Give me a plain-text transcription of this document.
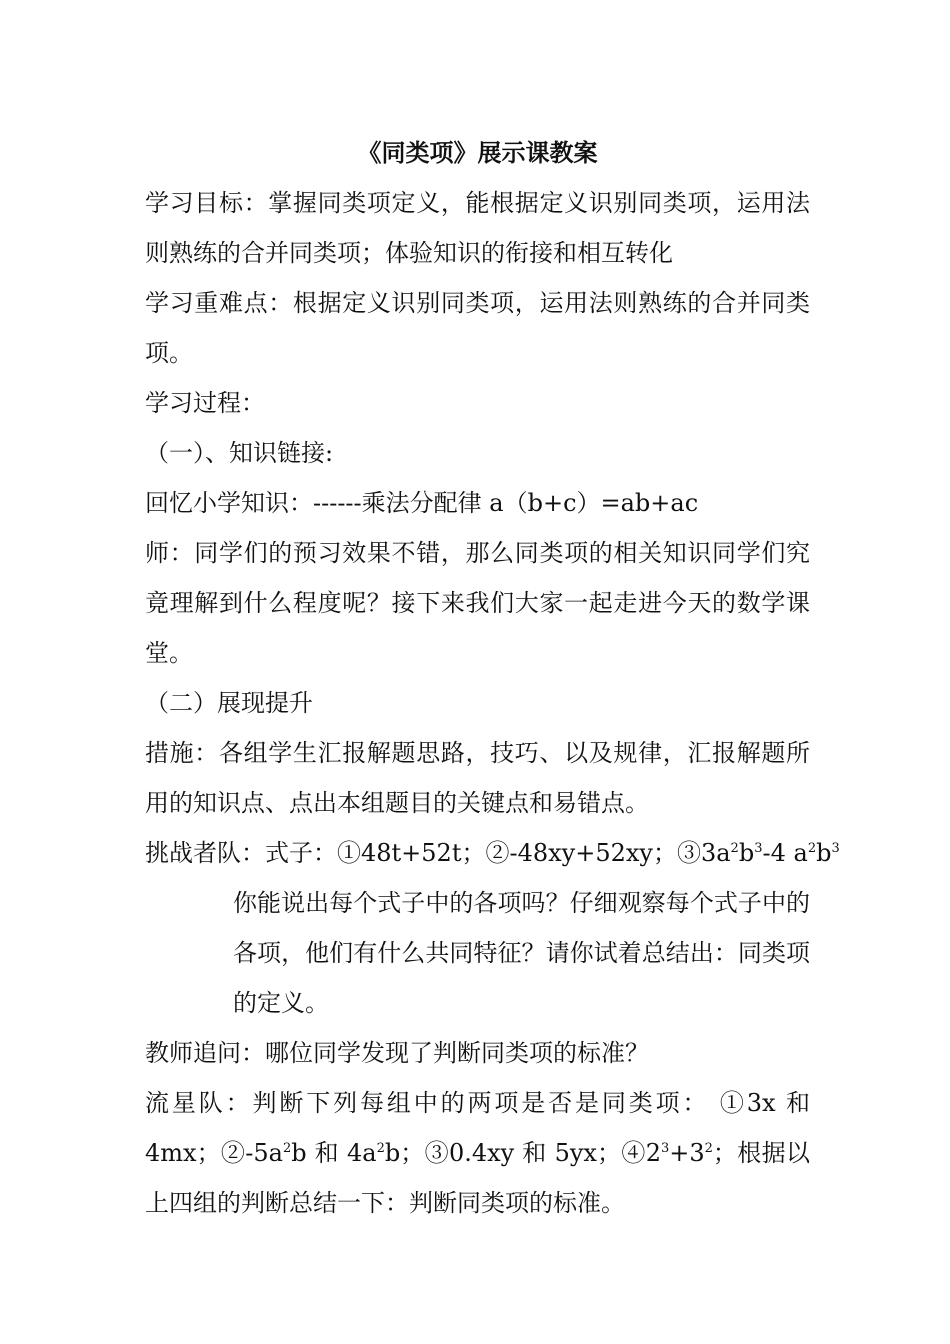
《同类项》展示课教案

学习目标：掌握同类项定义，能根据定义识别同类项，运用法则熟练的合并同类项；体验知识的衔接和相互转化

学习重难点：根据定义识别同类项，运用法则熟练的合并同类项。

学习过程：

（一）、知识链接:

回忆小学知识：------乘法分配律 a（b+c）=ab+ac

师：同学们的预习效果不错，那么同类项的相关知识同学们究竟理解到什么程度呢？接下来我们大家一起走进今天的数学课堂。

（二）展现提升

措施：各组学生汇报解题思路，技巧、以及规律，汇报解题所用的知识点、点出本组题目的关键点和易错点。

挑战者队：式子：①48t+52t；②-48xy+52xy；$③3a^2b^3-4$ $a^2b^3$

你能说出每个式子中的各项吗？仔细观察每个式子中的各项，他们有什么共同特征？请你试着总结出：同类项的定义。

教师追问：哪位同学发现了判断同类项的标准？

流星队：判断下列每组中的两项是否是同类项： ①3x 和 4mx；$②-5a^2b$ 和 $4a^2b$；③0.4xy 和 5yx；$④2^3+3^2$；根据以上四组的判断总结一下：判断同类项的标准。
